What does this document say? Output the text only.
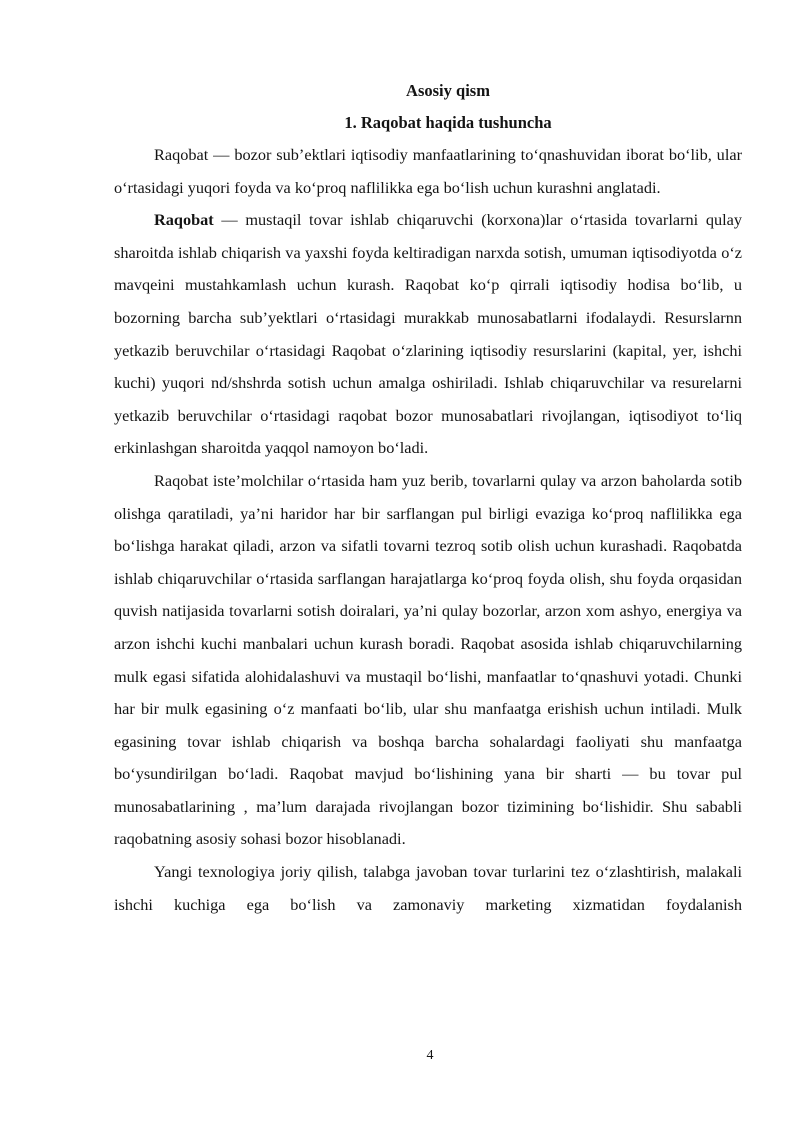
Asosiy qism

1. Raqobat haqida tushuncha

Raqobat — bozor sub’ektlari iqtisodiy manfaatlarining to‘qnashuvidan iborat bo‘lib, ular o‘rtasidagi yuqori foyda va ko‘proq naflilikka ega bo‘lish uchun kurashni anglatadi.

Raqobat — mustaqil tovar ishlab chiqaruvchi (korxona)lar o‘rtasida tovarlarni qulay sharoitda ishlab chiqarish va yaxshi foyda keltiradigan narxda sotish, umuman iqtisodiyotda o‘z mavqeini mustahkamlash uchun kurash. Raqobat ko‘p qirrali iqtisodiy hodisa bo‘lib, u bozorning barcha sub’yektlari o‘rtasidagi murakkab munosabatlarni ifodalaydi. Resurslarnn yetkazib beruvchilar o‘rtasidagi Raqobat o‘zlarining iqtisodiy resurslarini (kapital, yer, ishchi kuchi) yuqori nd/shshrda sotish uchun amalga oshiriladi. Ishlab chiqaruvchilar va resurelarni yetkazib beruvchilar o‘rtasidagi raqobat bozor munosabatlari rivojlangan, iqtisodiyot to‘liq erkinlashgan sharoitda yaqqol namoyon bo‘ladi.

Raqobat iste’molchilar o‘rtasida ham yuz berib, tovarlarni qulay va arzon baholarda sotib olishga qaratiladi, ya’ni haridor har bir sarflangan pul birligi evaziga ko‘proq naflilikka ega bo‘lishga harakat qiladi, arzon va sifatli tovarni tezroq sotib olish uchun kurashadi. Raqobatda ishlab chiqaruvchilar o‘rtasida sarflangan harajatlarga ko‘proq foyda olish, shu foyda orqasidan quvish natijasida tovarlarni sotish doiralari, ya’ni qulay bozorlar, arzon xom ashyo, energiya va arzon ishchi kuchi manbalari uchun kurash boradi. Raqobat asosida ishlab chiqaruvchilarning mulk egasi sifatida alohidalashuvi va mustaqil bo‘lishi, manfaatlar to‘qnashuvi yotadi. Chunki har bir mulk egasining o‘z manfaati bo‘lib, ular shu manfaatga erishish uchun intiladi. Mulk egasining tovar ishlab chiqarish va boshqa barcha sohalardagi faoliyati shu manfaatga bo‘ysundirilgan bo‘ladi. Raqobat mavjud bo‘lishining yana bir sharti — bu tovar pul munosabatlarining , ma’lum darajada rivojlangan bozor tizimining bo‘lishidir. Shu sababli raqobatning asosiy sohasi bozor hisoblanadi.

Yangi texnologiya joriy qilish, talabga javoban tovar turlarini tez o‘zlashtirish, malakali ishchi kuchiga ega bo‘lish va zamonaviy marketing xizmatidan foydalanish

4
